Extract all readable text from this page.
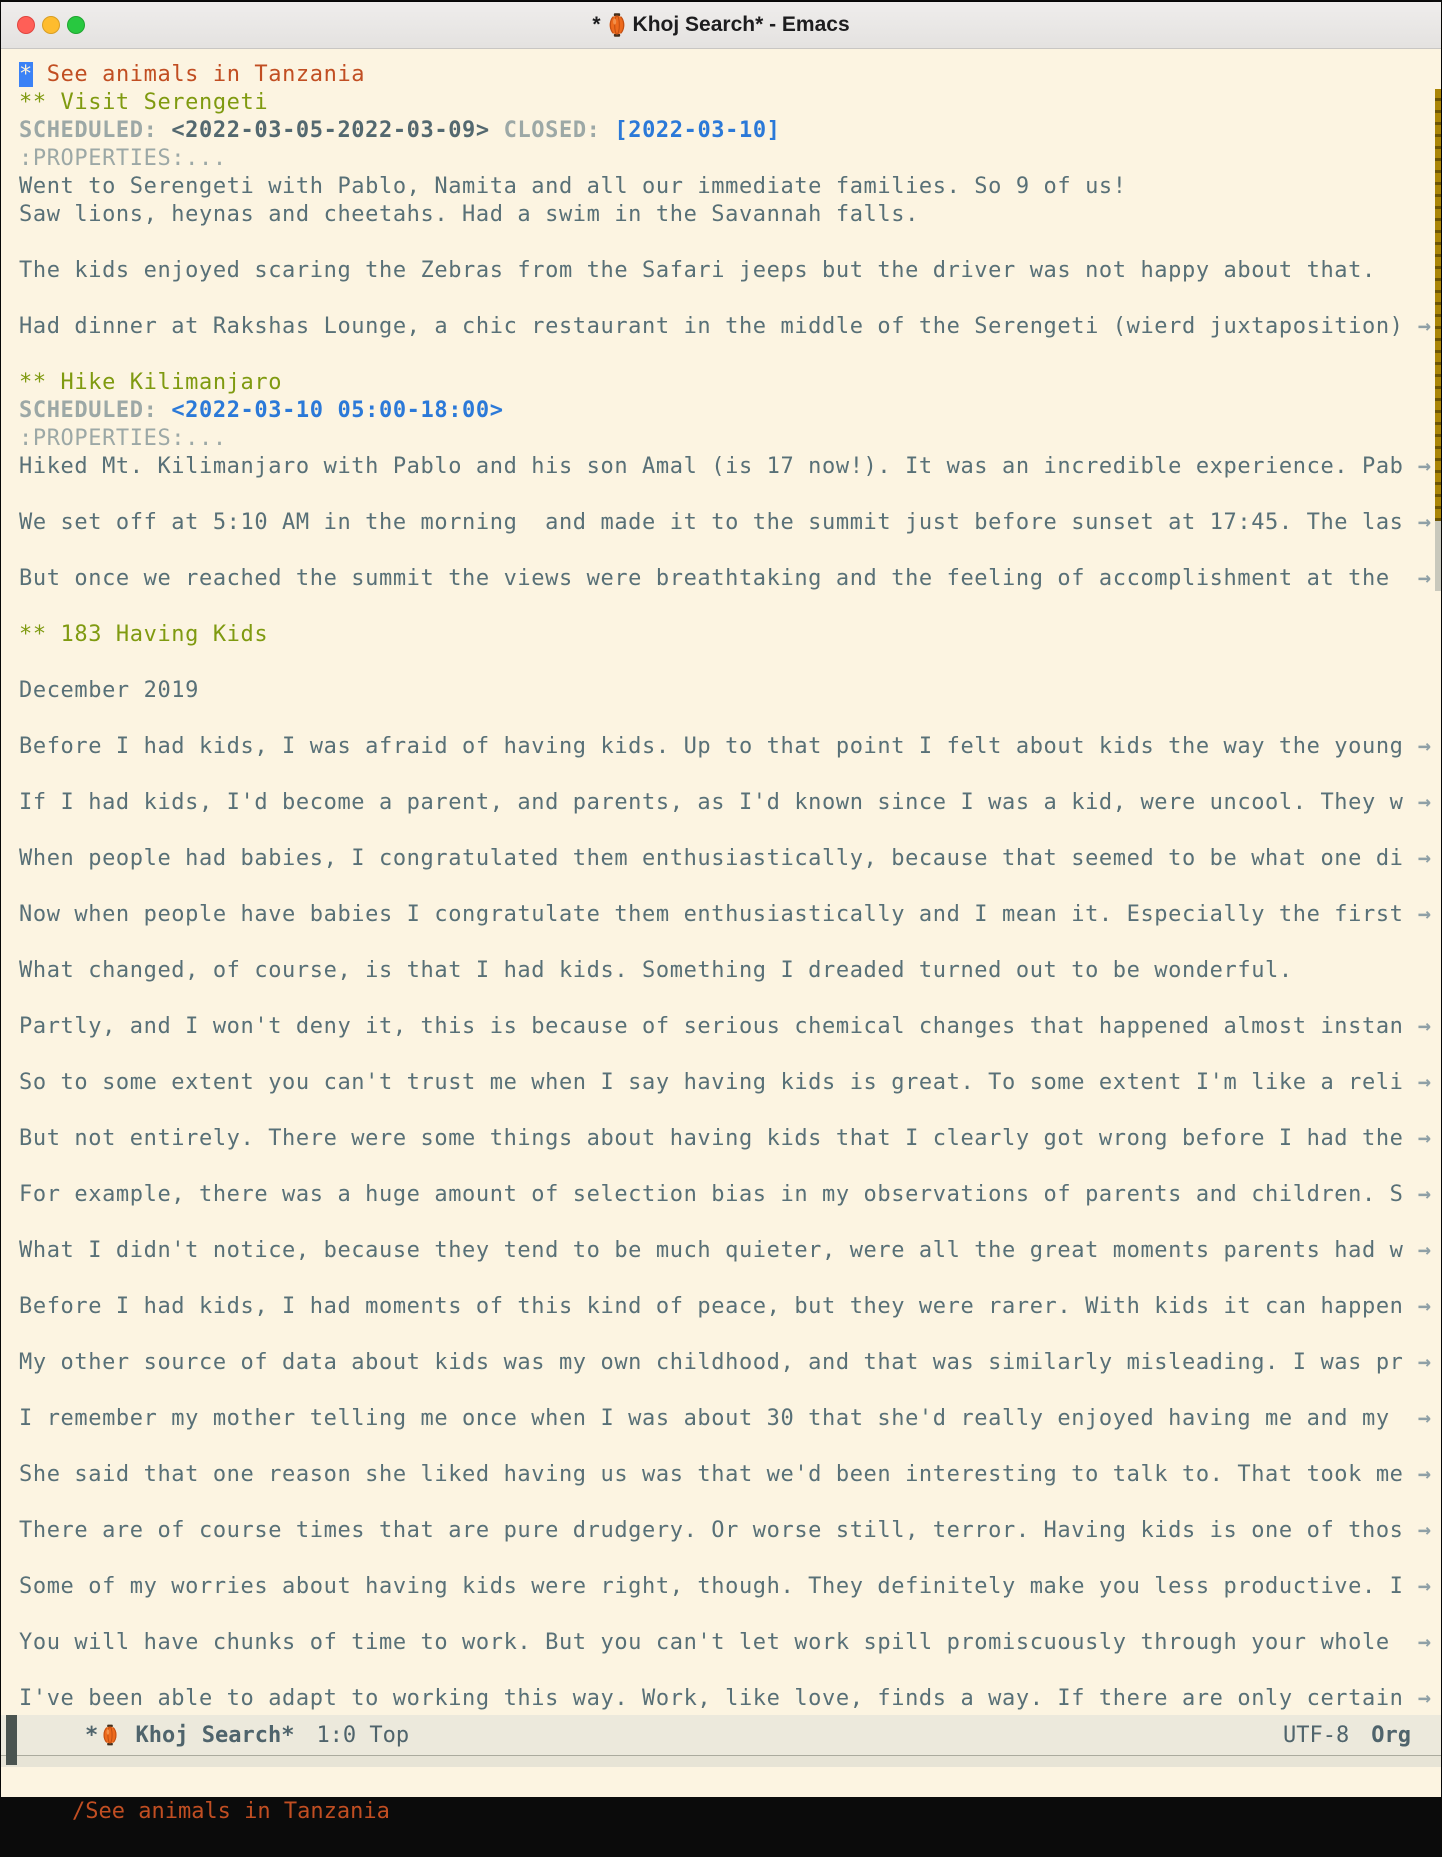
* Khoj Search* - Emacs
* See animals in Tanzania
** Visit Serengeti
SCHEDULED: <2022-03-05-2022-03-09> CLOSED: [2022-03-10]
:PROPERTIES:...
Went to Serengeti with Pablo, Namita and all our immediate families. So 9 of us!
Saw lions, heynas and cheetahs. Had a swim in the Savannah falls.
The kids enjoyed scaring the Zebras from the Safari jeeps but the driver was not happy about that.
Had dinner at Rakshas Lounge, a chic restaurant in the middle of the Serengeti (wierd juxtaposition) →
** Hike Kilimanjaro
SCHEDULED: <2022-03-10 05:00-18:00>
:PROPERTIES:...
Hiked Mt. Kilimanjaro with Pablo and his son Amal (is 17 now!). It was an incredible experience. Pab →
We set off at 5:10 AM in the morning  and made it to the summit just before sunset at 17:45. The las →
But once we reached the summit the views were breathtaking and the feeling of accomplishment at the →
** 183 Having Kids
December 2019
Before I had kids, I was afraid of having kids. Up to that point I felt about kids the way the young →
If I had kids, I'd become a parent, and parents, as I'd known since I was a kid, were uncool. They w →
When people had babies, I congratulated them enthusiastically, because that seemed to be what one di →
Now when people have babies I congratulate them enthusiastically and I mean it. Especially the first →
What changed, of course, is that I had kids. Something I dreaded turned out to be wonderful.
Partly, and I won't deny it, this is because of serious chemical changes that happened almost instan →
So to some extent you can't trust me when I say having kids is great. To some extent I'm like a reli →
But not entirely. There were some things about having kids that I clearly got wrong before I had the →
For example, there was a huge amount of selection bias in my observations of parents and children. S →
What I didn't notice, because they tend to be much quieter, were all the great moments parents had w →
Before I had kids, I had moments of this kind of peace, but they were rarer. With kids it can happen →
My other source of data about kids was my own childhood, and that was similarly misleading. I was pr →
I remember my mother telling me once when I was about 30 that she'd really enjoyed having me and my →
She said that one reason she liked having us was that we'd been interesting to talk to. That took me →
There are of course times that are pure drudgery. Or worse still, terror. Having kids is one of thos →
Some of my worries about having kids were right, though. They definitely make you less productive. I →
You will have chunks of time to work. But you can't let work spill promiscuously through your whole →
I've been able to adapt to working this way. Work, like love, finds a way. If there are only certain →
* Khoj Search* 1:0 Top	UTF-8 Org

/See animals in Tanzania
